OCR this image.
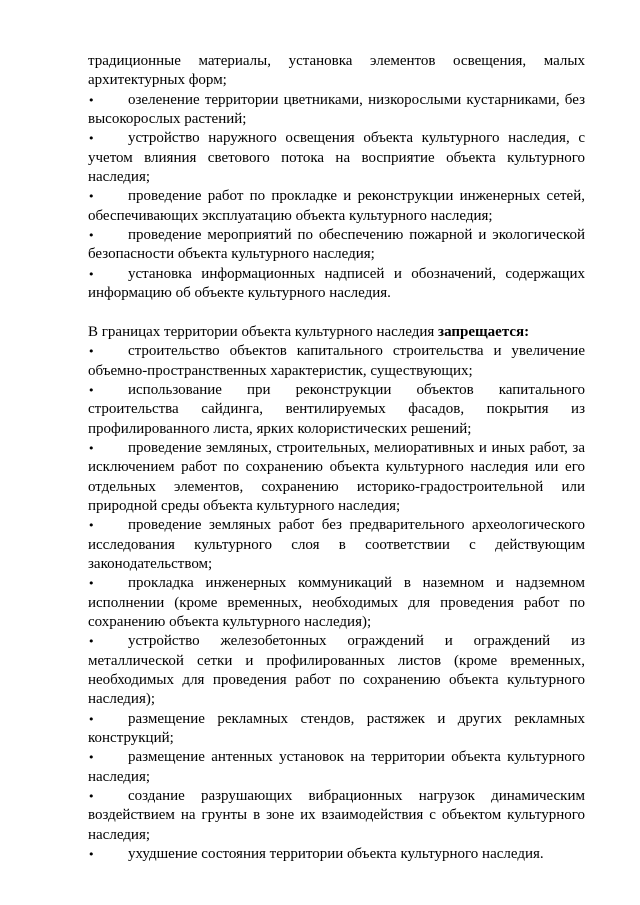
традиционные материалы, установка элементов освещения, малых архитектурных форм;

•	озеленение территории цветниками, низкорослыми кустарниками, без высокорослых растений;

•	устройство наружного освещения объекта культурного наследия, с учетом влияния светового потока на восприятие объекта культурного наследия;

•	проведение работ по прокладке и реконструкции инженерных сетей, обеспечивающих эксплуатацию объекта культурного наследия;

•	проведение мероприятий по обеспечению пожарной и экологической безопасности объекта культурного наследия;

•	установка информационных надписей и обозначений, содержащих информацию об объекте культурного наследия.

В границах территории объекта культурного наследия запрещается:

•	строительство объектов капитального строительства и увеличение объемно-пространственных характеристик, существующих;

•	использование при реконструкции объектов капитального строительства сайдинга, вентилируемых фасадов, покрытия из профилированного листа, ярких колористических решений;

•	проведение земляных, строительных, мелиоративных и иных работ, за исключением работ по сохранению объекта культурного наследия или его отдельных элементов, сохранению историко-градостроительной или природной среды объекта культурного наследия;

•	проведение земляных работ без предварительного археологического исследования культурного слоя в соответствии с действующим законодательством;

•	прокладка инженерных коммуникаций в наземном и надземном исполнении (кроме временных, необходимых для проведения работ по сохранению объекта культурного наследия);

•	устройство железобетонных ограждений и ограждений из металлической сетки и профилированных листов (кроме временных, необходимых для проведения работ по сохранению объекта культурного наследия);

•	размещение рекламных стендов, растяжек и других рекламных конструкций;

•	размещение антенных установок на территории объекта культурного наследия;

•	создание разрушающих вибрационных нагрузок динамическим воздействием на грунты в зоне их взаимодействия с объектом культурного наследия;

•	ухудшение состояния территории объекта культурного наследия.
